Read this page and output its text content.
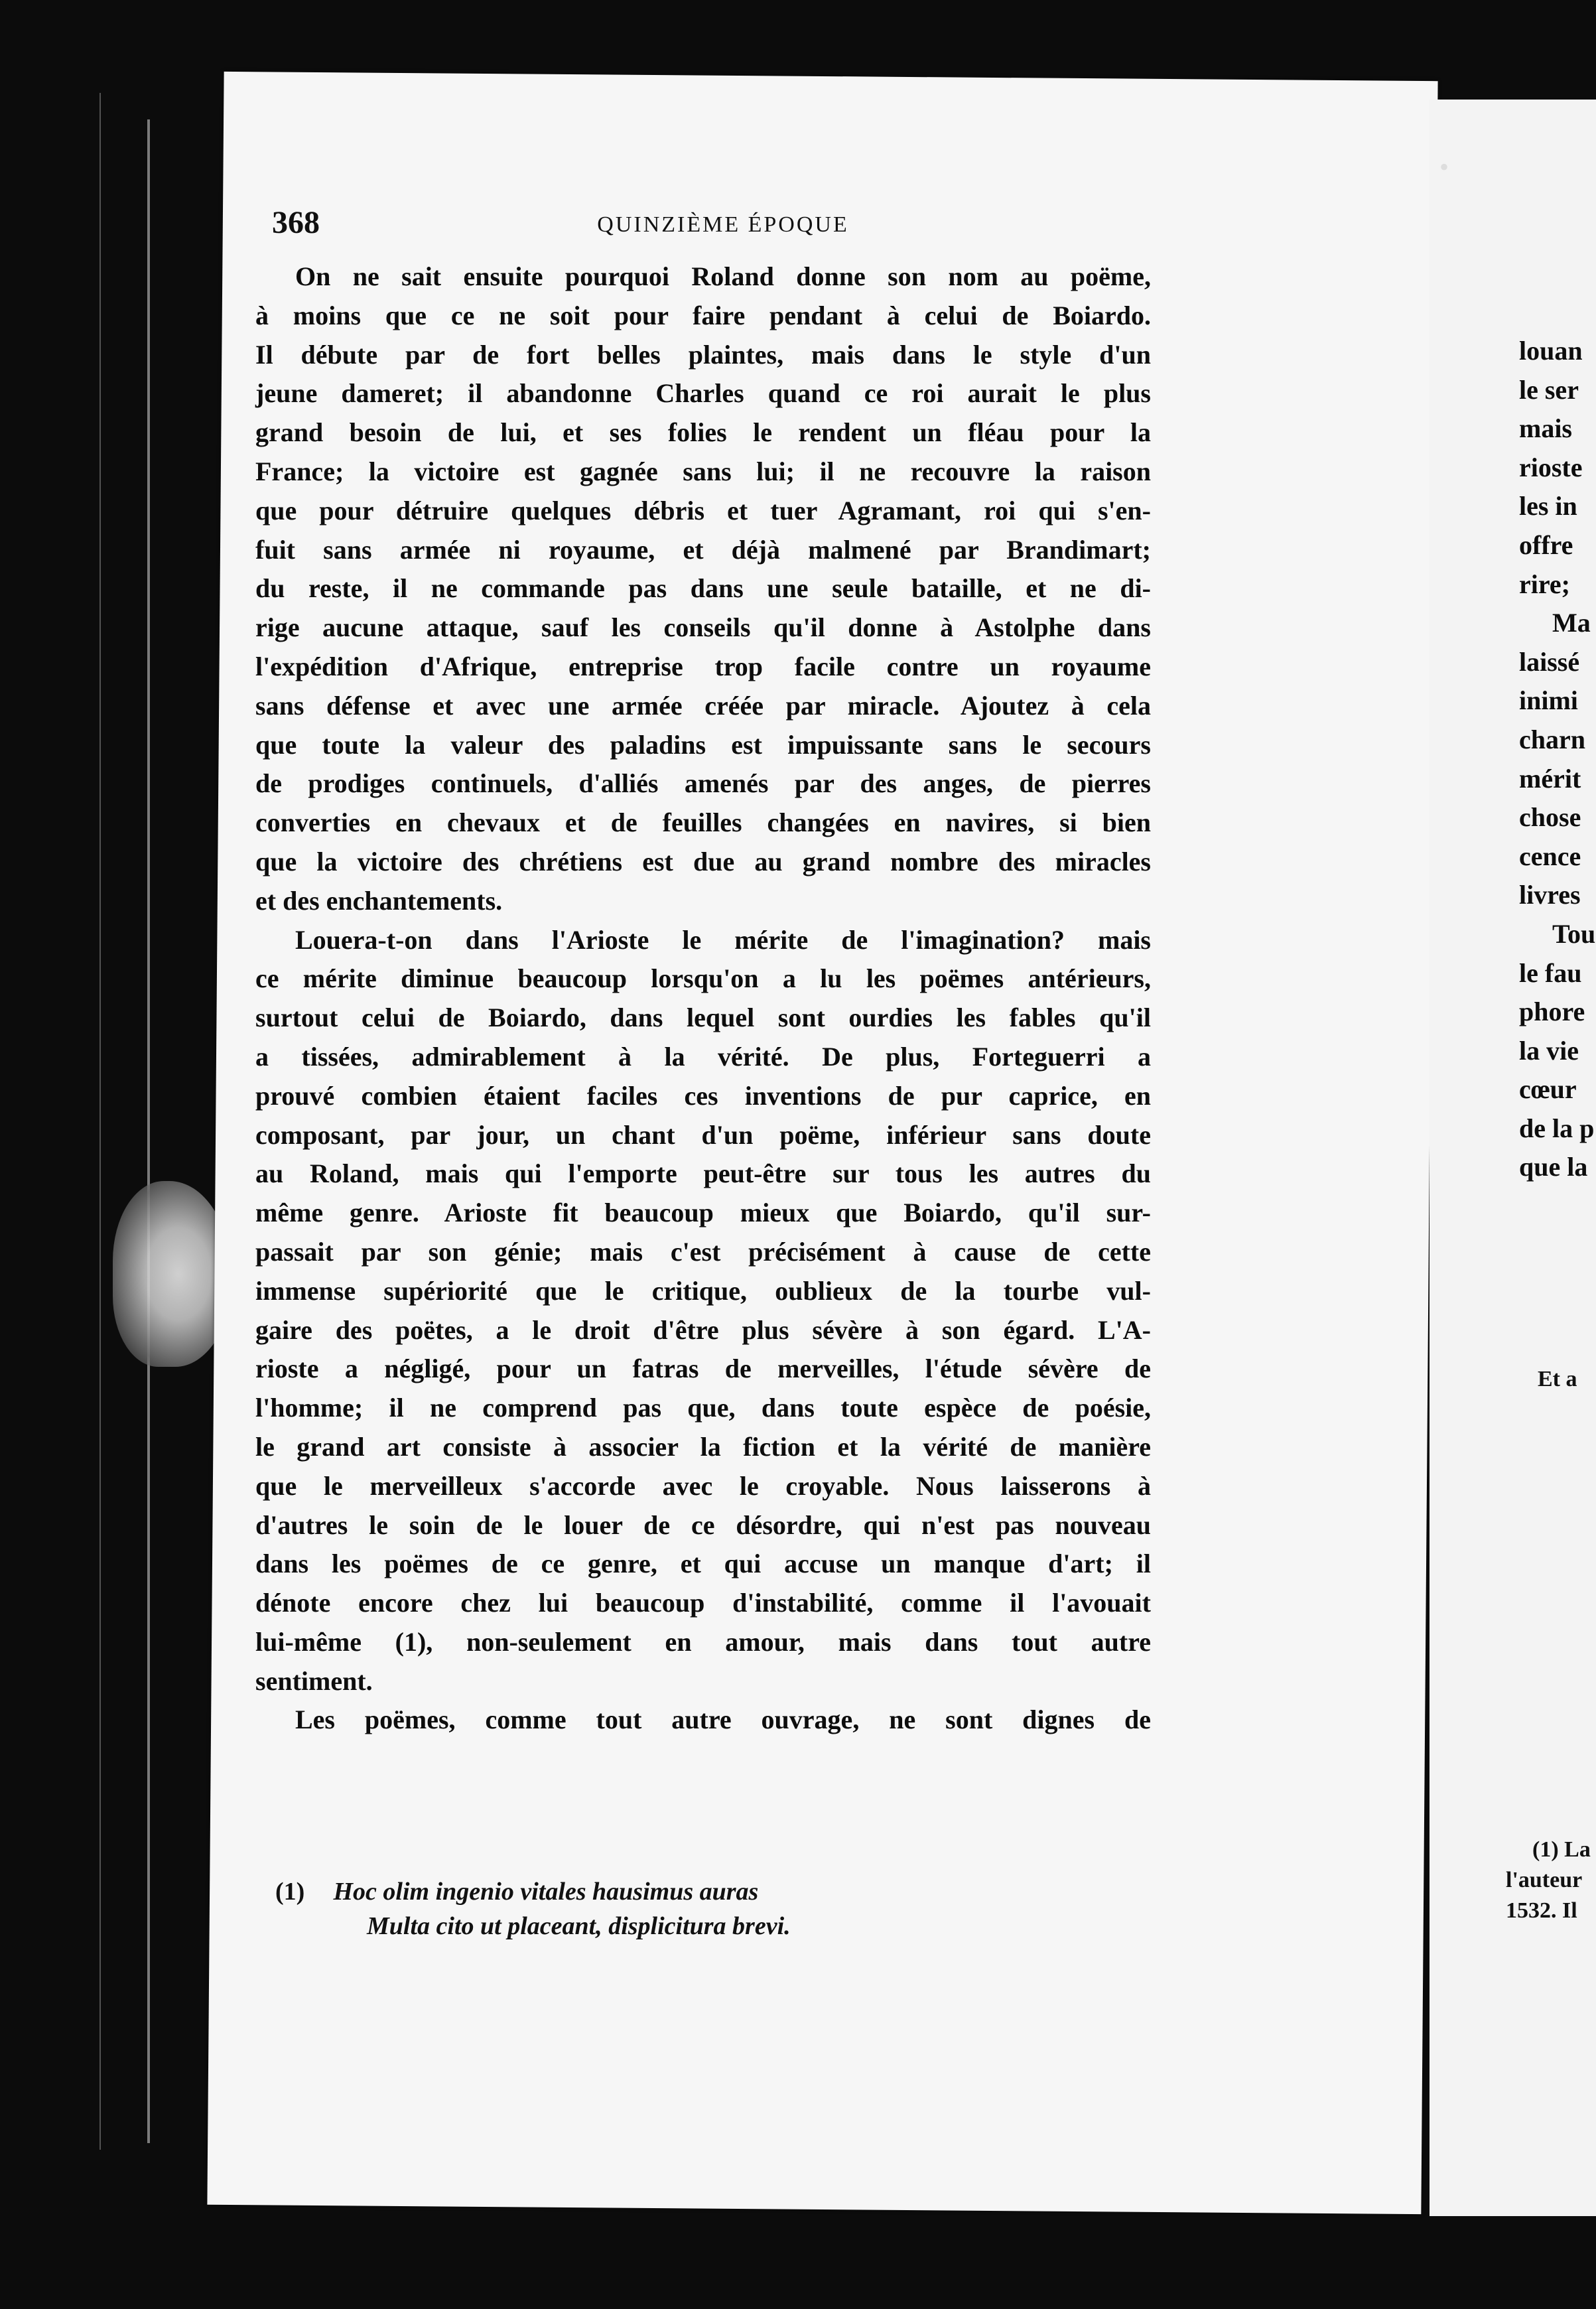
368	QUINZIÈME ÉPOQUE
On ne sait ensuite pourquoi Roland donne son nom au poëme,
à moins que ce ne soit pour faire pendant à celui de Boiardo.
Il débute par de fort belles plaintes, mais dans le style d'un
jeune dameret; il abandonne Charles quand ce roi aurait le plus
grand besoin de lui, et ses folies le rendent un fléau pour la
France; la victoire est gagnée sans lui; il ne recouvre la raison
que pour détruire quelques débris et tuer Agramant, roi qui s'en-
fuit sans armée ni royaume, et déjà malmené par Brandimart;
du reste, il ne commande pas dans une seule bataille, et ne di-
rige aucune attaque, sauf les conseils qu'il donne à Astolphe dans
l'expédition d'Afrique, entreprise trop facile contre un royaume
sans défense et avec une armée créée par miracle. Ajoutez à cela
que toute la valeur des paladins est impuissante sans le secours
de prodiges continuels, d'alliés amenés par des anges, de pierres
converties en chevaux et de feuilles changées en navires, si bien
que la victoire des chrétiens est due au grand nombre des miracles
et des enchantements.
Louera-t-on dans l'Arioste le mérite de l'imagination? mais
ce mérite diminue beaucoup lorsqu'on a lu les poëmes antérieurs,
surtout celui de Boiardo, dans lequel sont ourdies les fables qu'il
a tissées, admirablement à la vérité. De plus, Forteguerri a
prouvé combien étaient faciles ces inventions de pur caprice, en
composant, par jour, un chant d'un poëme, inférieur sans doute
au Roland, mais qui l'emporte peut-être sur tous les autres du
même genre. Arioste fit beaucoup mieux que Boiardo, qu'il sur-
passait par son génie; mais c'est précisément à cause de cette
immense supériorité que le critique, oublieux de la tourbe vul-
gaire des poëtes, a le droit d'être plus sévère à son égard. L'A-
rioste a négligé, pour un fatras de merveilles, l'étude sévère de
l'homme; il ne comprend pas que, dans toute espèce de poésie,
le grand art consiste à associer la fiction et la vérité de manière
que le merveilleux s'accorde avec le croyable. Nous laisserons à
d'autres le soin de le louer de ce désordre, qui n'est pas nouveau
dans les poëmes de ce genre, et qui accuse un manque d'art; il
dénote encore chez lui beaucoup d'instabilité, comme il l'avouait
lui-même (1), non-seulement en amour, mais dans tout autre
sentiment.
Les poëmes, comme tout autre ouvrage, ne sont dignes de
(1) Hoc olim ingenio vitales hausimus auras
Multa cito ut placeant, displicitura brevi.
•
louan
le ser
mais
rioste
les in
offre
rire;
Ma
laissé
inimi
charn
mérit
chose
cence
livres
Tou
le fau
phore
la vie
cœur
de la p
que la
Et a
(1) La
l'auteur
1532. Il
